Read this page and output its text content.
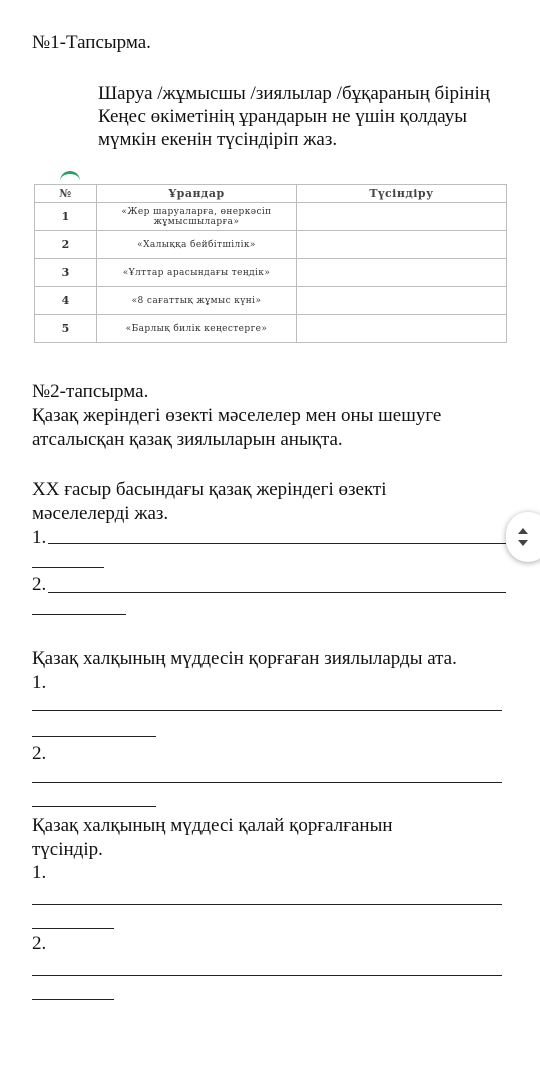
№1-Тапсырма.
Шаруа /жұмысшы /зиялылар /бұқараның бірінің Кеңес өкіметінің ұрандарын не үшін қолдауы мүмкін екенін түсіндіріп жаз.
№	Ұрандар	Түсіндіру
1	«Жер шаруаларға, өнеркәсіп жұмысшыларға»	
2	«Халыққа бейбітшілік»	
3	«Ұлттар арасындағы теңдік»	
4	«8 сағаттық жұмыс күні»	
5	«Барлық билік кеңестерге»	
№2-тапсырма.
Қазақ жеріндегі өзекті мәселелер мен оны шешуге атсалысқан қазақ зиялыларын анықта.
XX ғасыр басындағы қазақ жеріндегі өзекті мәселелерді жаз.
1.
2.
Қазақ халқының мүддесін қорғаған зиялыларды ата.
1.
2.
Қазақ халқының мүддесі қалай қорғалғанын түсіндір.
1.
2.
